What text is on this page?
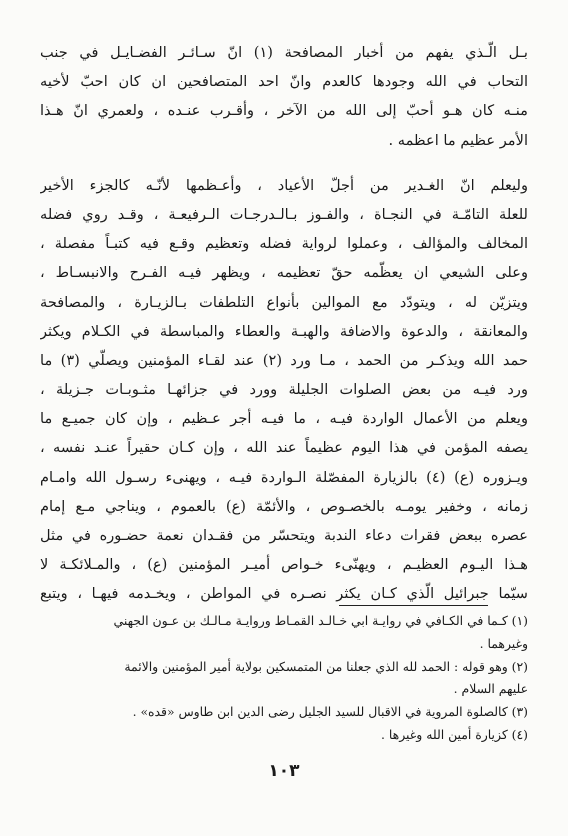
بـل الّـذي يفهم من أخبار المصافحة (١) انّ سـائـر الفضـايـل في جنب
التحاب في الله وجودها كالعدم وانّ احد المتصافحين ان كان احبّ لأخيه
منـه كان هـو أحبّ إلى الله من الآخر ، وأقـرب عنـده ، ولعمري انّ هـذا
الأمر عظيم ما اعظمه .
وليعلم انّ الغـدير من أجلّ الأعياد ، وأعـظمها لأنّـه كالجزء الأخير
للعلة التامّـة في النجـاة ، والفـوز بـالـدرجـات الـرفيعـة ، وقـد روي فضله
المخالف والمؤالف ، وعملوا لرواية فضله وتعظيم وقـع فيه كتبـاً مفصلة ،
وعلى الشيعي ان يعظّمه حقّ تعظيمه ، ويظهر فيـه الفـرح والانبسـاط ،
ويتزيّن له ، ويتودّد مع الموالين بأنواع التلطفات بـالزيـارة ، والمصافحة
والمعانقة ، والدعوة والاضافة والهبـة والعطاء والمباسطة في الكـلام ويكثر
حمد الله ويذكـر من الحمد ، مـا ورد (٢) عند لقـاء المؤمنين ويصلّي (٣) ما
ورد فيـه من بعض الصلوات الجليلة وورد في جزائهـا مثـوبـات جـزيلة ،
ويعلم من الأعمال الواردة فيـه ، ما فيـه أجر عـظيم ، وإن كان جميـع ما
يصفه المؤمن في هذا اليوم عظيماً عند الله ، وإن كـان حقيراً عنـد نفسه ،
ويـزوره (ع) (٤) بالزيارة المفصّلة الـواردة فيـه ، ويهنىء رسـول الله وامـام
زمانه ، وخفير يومـه بالخصـوص ، والأئمّة (ع) بالعموم ، ويناجي مـع إمام
عصره ببعض فقرات دعاء الندبة ويتحسّر من فقـدان نعمة حضـوره في مثل
هـذا اليـوم العظيـم ، ويهنّىء خـواص أميـر المؤمنين (ع) ، والمـلائكـة لا
سيّما جبرائيل الّذي كـان يكثر نصـره في المواطن ، ويخـدمه فيهـا ، ويتبع
(١) كـما في الكـافي في روايـة ابي خـالـد القمـاط وروايـة مـالـك بن عـون الجهني
وغيرهما .
(٢) وهو قوله : الحمد لله الذي جعلنا من المتمسكين بولاية أمير المؤمنين والائمة
عليهم السلام .
(٣) كالصلوة المروية في الاقبال للسيد الجليل رضى الدين ابن طاوس «قده» .
(٤) كزيارة أمين الله وغيرها .
١٠٣
